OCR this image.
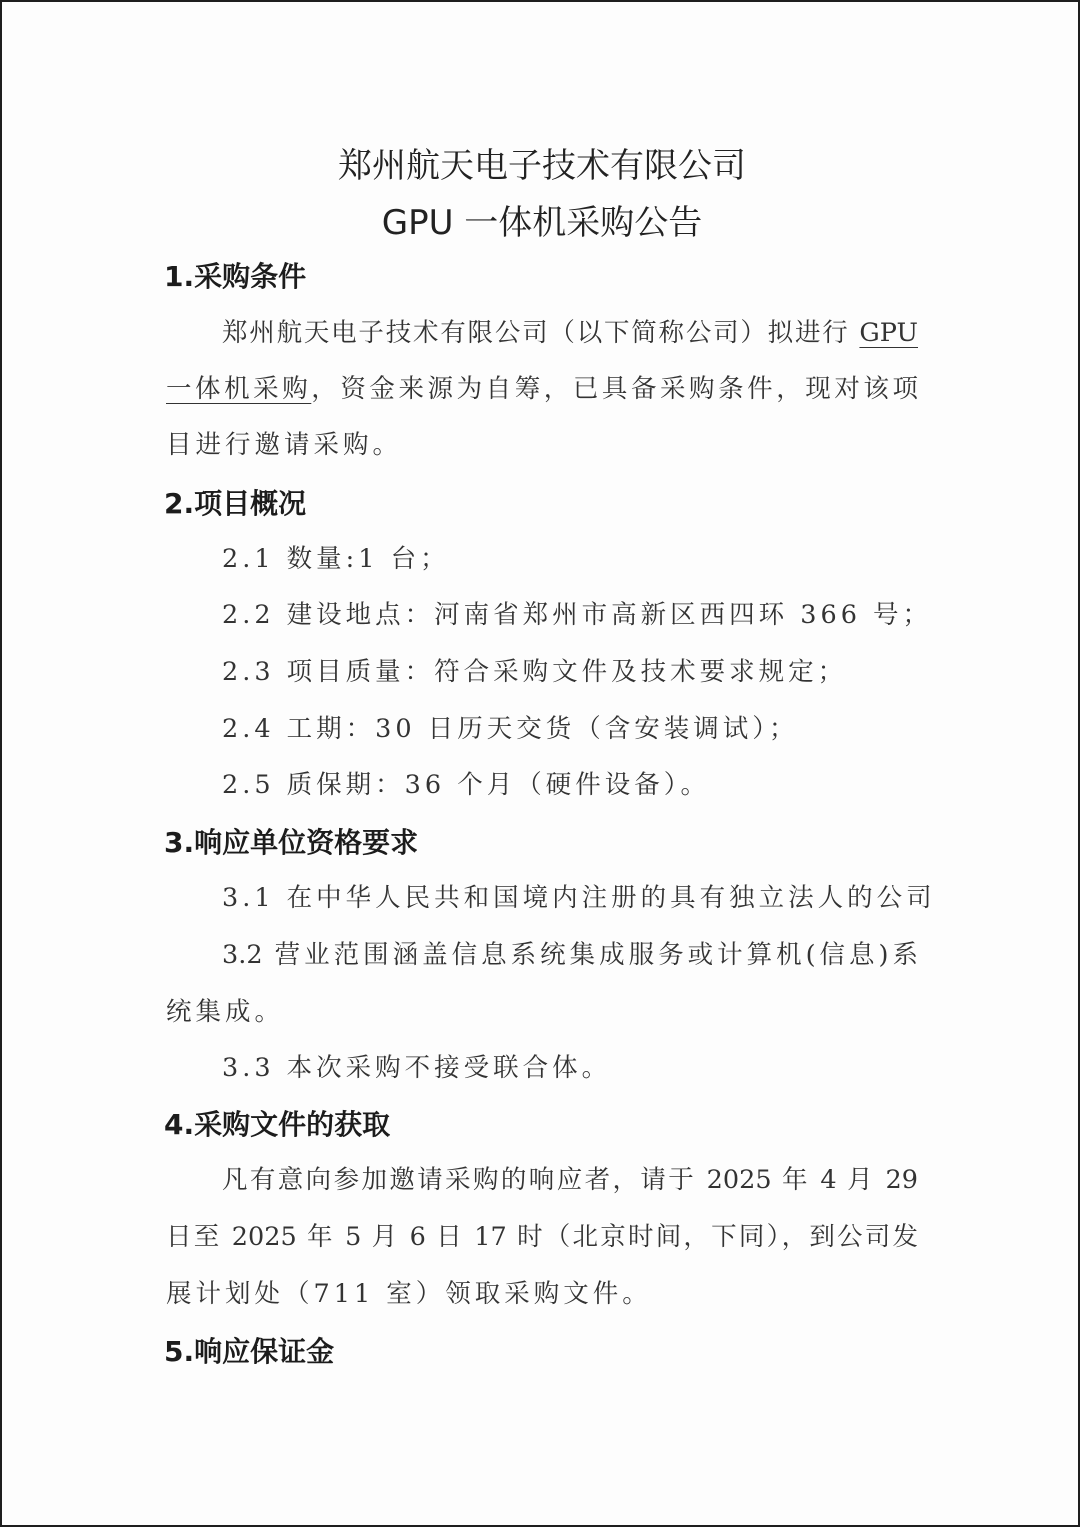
郑州航天电子技术有限公司
GPU 一体机采购公告
1.采购条件
郑州航天电子技术有限公司（以下简称公司）拟进行 GPU
一体机采购，资金来源为自筹，已具备采购条件，现对该项
目进行邀请采购。
2.项目概况
2.1 数量:1 台；
2.2 建设地点：河南省郑州市高新区西四环 366 号；
2.3 项目质量：符合采购文件及技术要求规定；
2.4 工期：30 日历天交货（含安装调试）；
2.5 质保期：36 个月（硬件设备）。
3.响应单位资格要求
3.1 在中华人民共和国境内注册的具有独立法人的公司
3.2 营业范围涵盖信息系统集成服务或计算机(信息)系
统集成。
3.3 本次采购不接受联合体。
4.采购文件的获取
凡有意向参加邀请采购的响应者，请于 2025 年 4 月 29
日至 2025 年 5 月 6 日 17 时（北京时间，下同），到公司发
展计划处（711 室）领取采购文件。
5.响应保证金
